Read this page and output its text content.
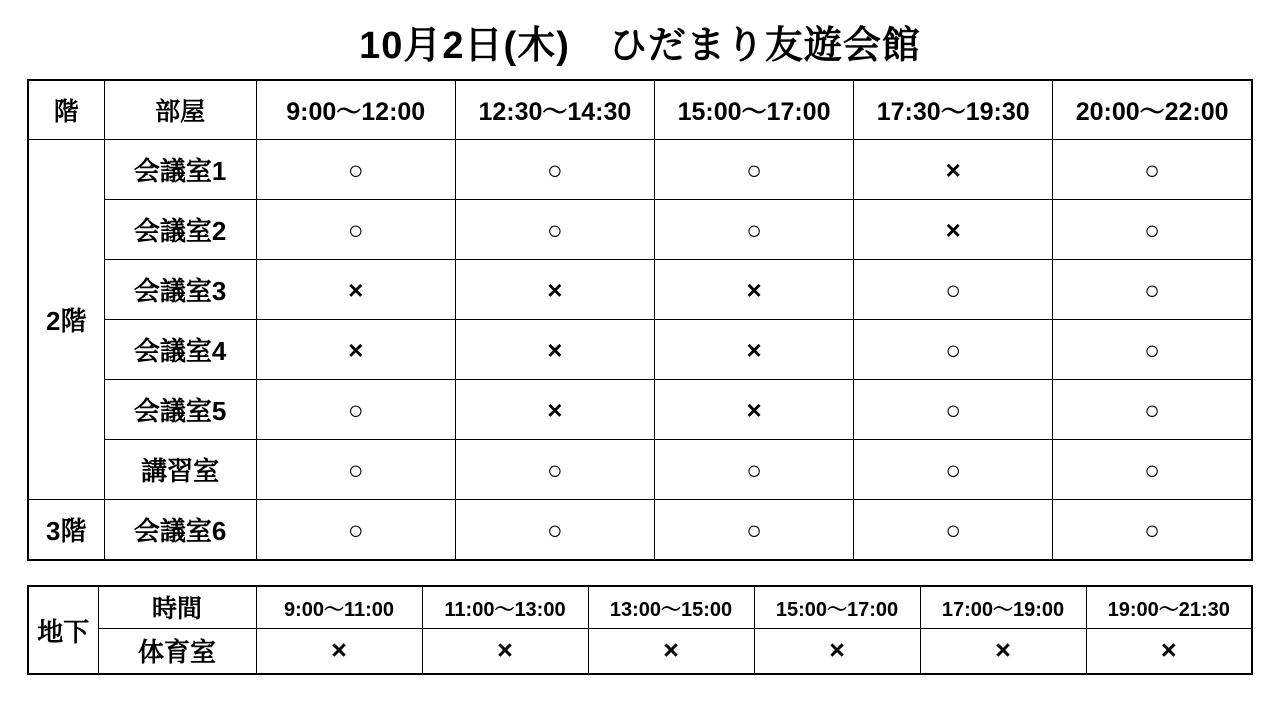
10月2日(木)　ひだまり友遊会館
階	部屋	9:00〜12:00	12:30〜14:30	15:00〜17:00	17:30〜19:30	20:00〜22:00
2階	会議室1	○	○	○	×	○
	会議室2	○	○	○	×	○
	会議室3	×	×	×	○	○
	会議室4	×	×	×	○	○
	会議室5	○	×	×	○	○
	講習室	○	○	○	○	○
3階	会議室6	○	○	○	○	○
地下	時間	9:00〜11:00	11:00〜13:00	13:00〜15:00	15:00〜17:00	17:00〜19:00	19:00〜21:30
	体育室	×	×	×	×	×	×
